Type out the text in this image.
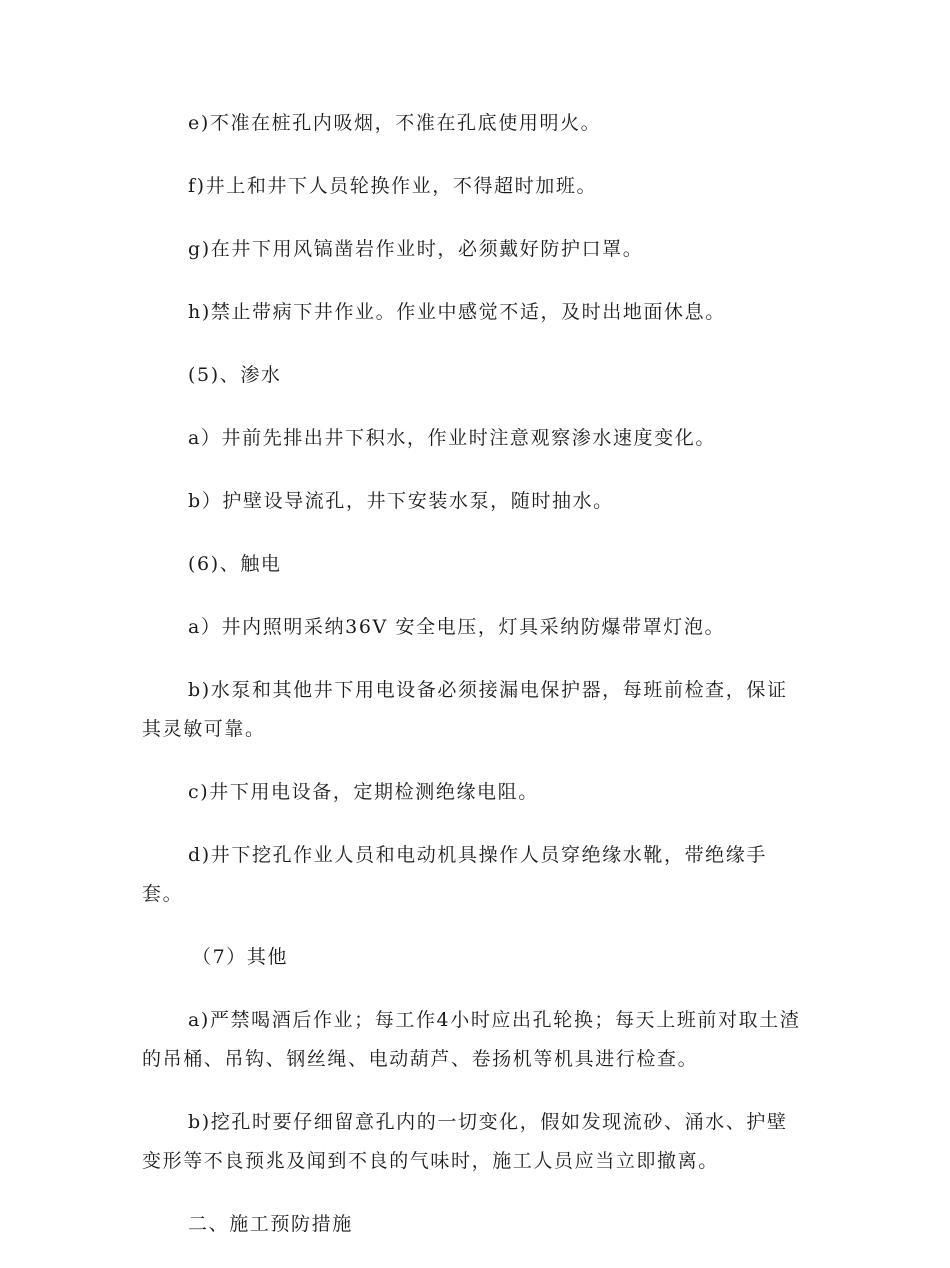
e)不准在桩孔内吸烟，不准在孔底使用明火。

f)井上和井下人员轮换作业，不得超时加班。

g)在井下用风镐凿岩作业时，必须戴好防护口罩。

h)禁止带病下井作业。作业中感觉不适，及时出地面休息。

(5)、渗水

a）井前先排出井下积水，作业时注意观察渗水速度变化。

b）护壁设导流孔，井下安装水泵，随时抽水。

(6)、触电

a）井内照明采纳36V 安全电压，灯具采纳防爆带罩灯泡。

b)水泵和其他井下用电设备必须接漏电保护器，每班前检查，保证其灵敏可靠。

c)井下用电设备，定期检测绝缘电阻。

d)井下挖孔作业人员和电动机具操作人员穿绝缘水靴，带绝缘手套。

（7）其他

a)严禁喝酒后作业；每工作4小时应出孔轮换；每天上班前对取土渣的吊桶、吊钩、钢丝绳、电动葫芦、卷扬机等机具进行检查。

b)挖孔时要仔细留意孔内的一切变化，假如发现流砂、涌水、护壁变形等不良预兆及闻到不良的气味时，施工人员应当立即撤离。

二、施工预防措施
